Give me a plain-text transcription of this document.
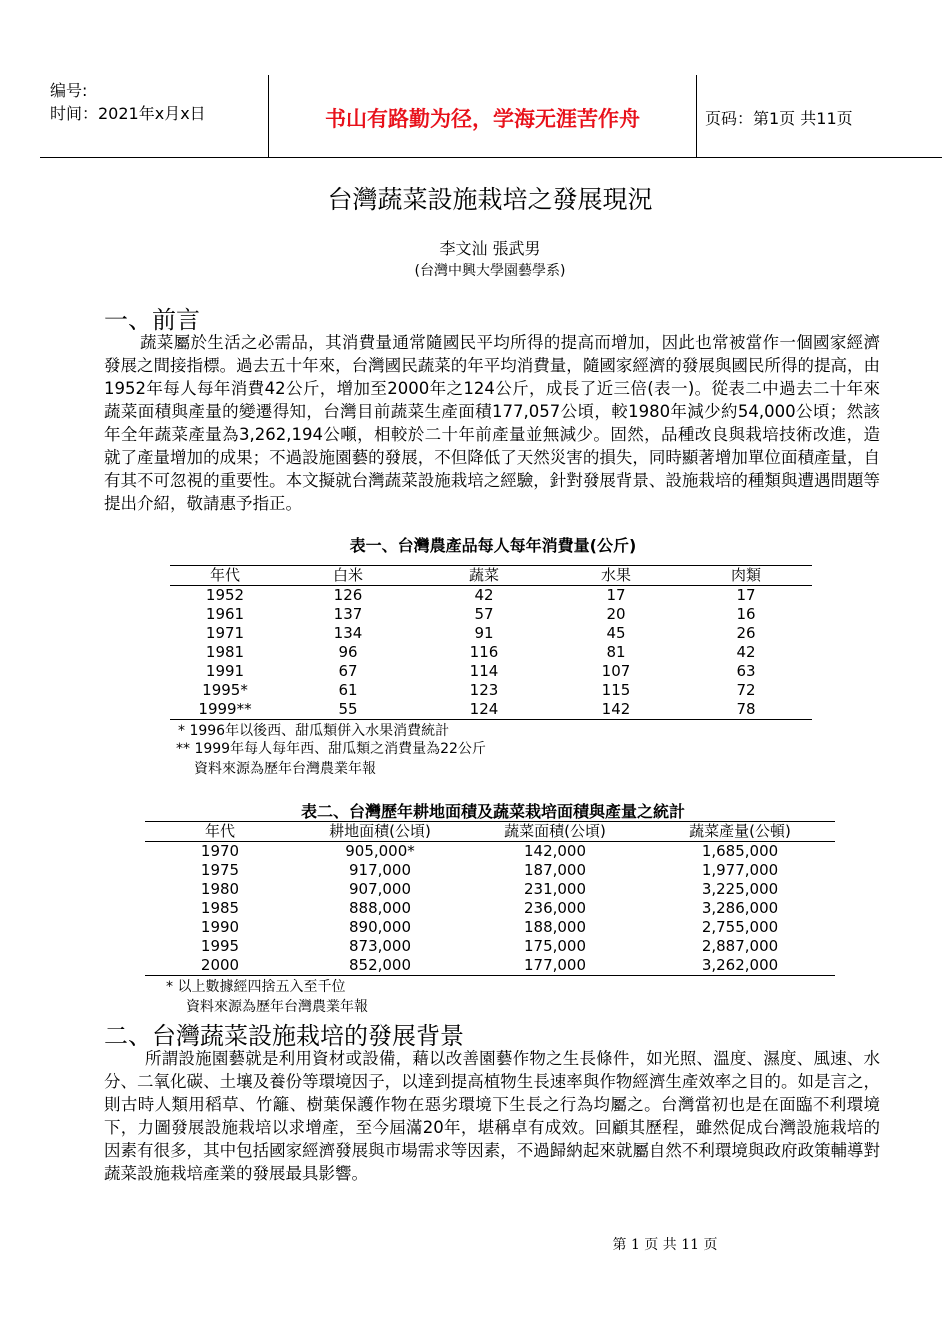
编号:
时间：2021年x月x日	书山有路勤为径，学海无涯苦作舟	页码：第1页 共11页
台灣蔬菜設施栽培之發展現況
李文汕 張武男
(台灣中興大學園藝學系)
一、前言
蔬菜屬於生活之必需品，其消費量通常隨國民平均所得的提高而增加，因此也常被當作一個國家經濟發展之間接指標。過去五十年來，台灣國民蔬菜的年平均消費量，隨國家經濟的發展與國民所得的提高，由1952年每人每年消費42公斤，增加至2000年之124公斤，成長了近三倍(表一)。從表二中過去二十年來蔬菜面積與產量的變遷得知，台灣目前蔬菜生產面積177,057公頃，較1980年減少約54,000公頃；然該年全年蔬菜產量為3,262,194公噸，相較於二十年前產量並無減少。固然，品種改良與栽培技術改進，造就了產量增加的成果；不過設施園藝的發展，不但降低了天然災害的損失，同時顯著增加單位面積產量，自有其不可忽視的重要性。本文擬就台灣蔬菜設施栽培之經驗，針對發展背景、設施栽培的種類與遭遇問題等提出介紹，敬請惠予指正。
表一、台灣農產品每人每年消費量(公斤)
年代	白米	蔬菜	水果	肉類
1952	126	42	17	17
1961	137	57	20	16
1971	134	91	45	26
1981	96	116	81	42
1991	67	114	107	63
1995*	61	123	115	72
1999**	55	124	142	78
* 1996年以後西、甜瓜類併入水果消費統計
** 1999年每人每年西、甜瓜類之消費量為22公斤
資料來源為歷年台灣農業年報
表二、台灣歷年耕地面積及蔬菜栽培面積與產量之統計
年代	耕地面積(公頃)	蔬菜面積(公頃)	蔬菜產量(公頓)
1970	905,000*	142,000	1,685,000
1975	917,000	187,000	1,977,000
1980	907,000	231,000	3,225,000
1985	888,000	236,000	3,286,000
1990	890,000	188,000	2,755,000
1995	873,000	175,000	2,887,000
2000	852,000	177,000	3,262,000
* 以上數據經四捨五入至千位
資料來源為歷年台灣農業年報
二、台灣蔬菜設施栽培的發展背景
所謂設施園藝就是利用資材或設備，藉以改善園藝作物之生長條件，如光照、溫度、濕度、風速、水分、二氧化碳、土壤及養份等環境因子，以達到提高植物生長速率與作物經濟生產效率之目的。如是言之，則古時人類用稻草、竹籬、樹葉保護作物在惡劣環境下生長之行為均屬之。台灣當初也是在面臨不利環境下，力圖發展設施栽培以求增產，至今屆滿20年，堪稱卓有成效。回顧其歷程，雖然促成台灣設施栽培的因素有很多，其中包括國家經濟發展與市場需求等因素，不過歸納起來就屬自然不利環境與政府政策輔導對蔬菜設施栽培產業的發展最具影響。
第 1 页 共 11 页
